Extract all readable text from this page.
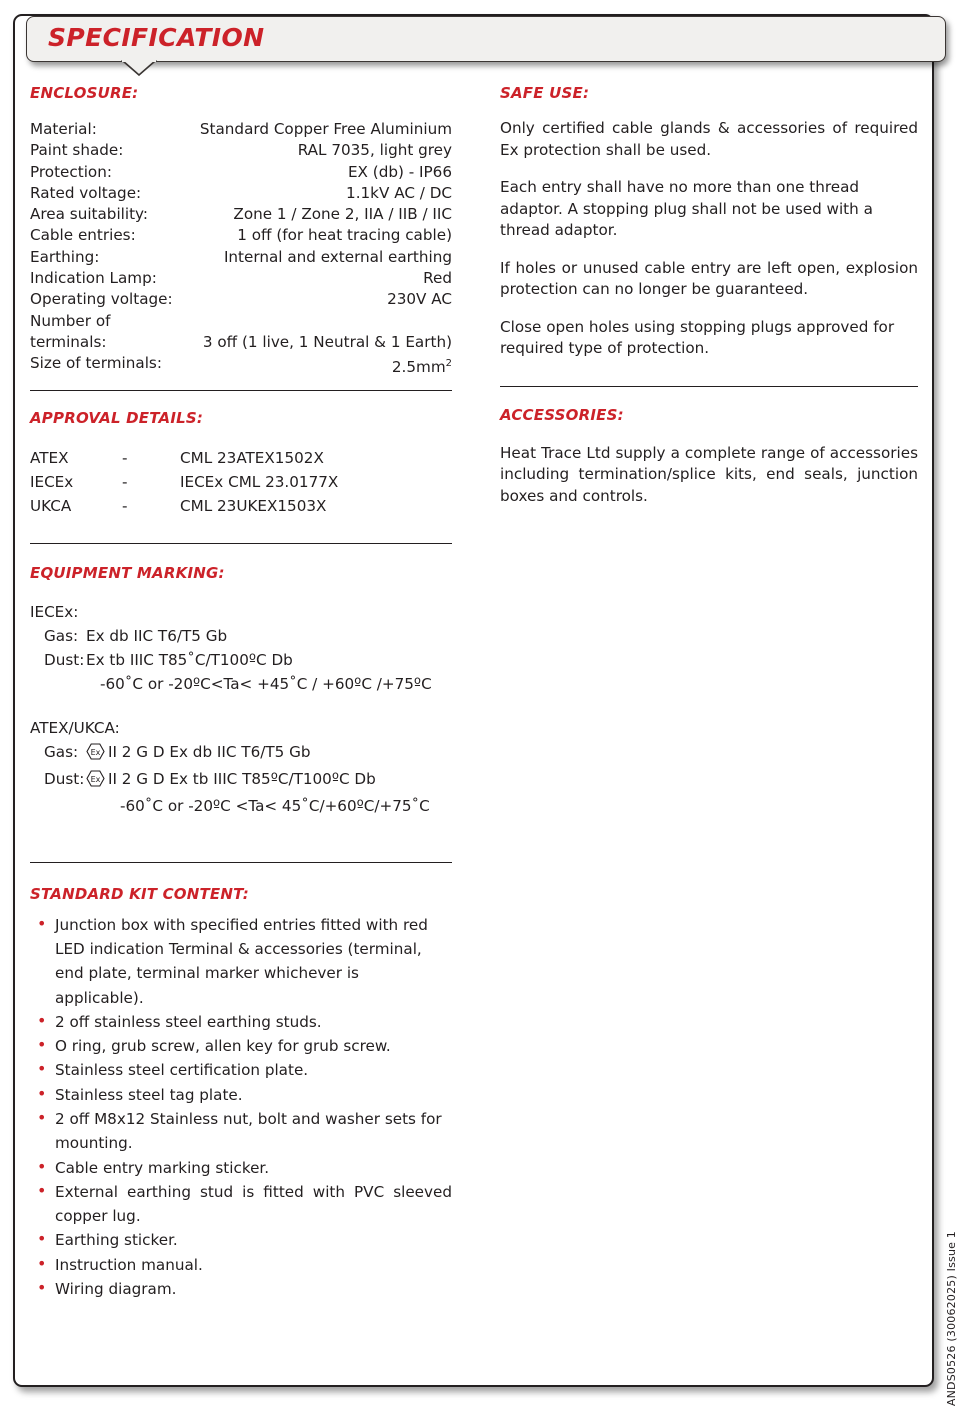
SPECIFICATION

ENCLOSURE:

Material:	Standard Copper Free Aluminium
Paint shade:	RAL 7035, light grey
Protection:	EX (db) - IP66
Rated voltage:	1.1kV AC / DC
Area suitability:	Zone 1 / Zone 2, IIA / IIB / IIC
Cable entries:	1 off (for heat tracing cable)
Earthing:	Internal and external earthing
Indication Lamp:	Red
Operating voltage:	230V AC
Number of	
terminals:	3 off (1 live, 1 Neutral & 1 Earth)
Size of terminals:	$2.5mm^2$

APPROVAL DETAILS:

ATEX	-	CML 23ATEX1502X
IECEx	-	IECEx CML 23.0177X
UKCA	-	CML 23UKEX1503X

EQUIPMENT MARKING:

IECEx:
Gas: Ex db IIC T6/T5 Gb
Dust: Ex tb IIIC T85˚C/T100ºC Db
-60˚C or -20ºC<Ta< +45˚C / +60ºC /+75ºC
ATEX/UKCA:
Gas: Ex II 2 G D Ex db IIC T6/T5 Gb
Dust: Ex II 2 G D Ex tb IIIC T85ºC/T100ºC Db
-60˚C or -20ºC <Ta< 45˚C/+60ºC/+75˚C

STANDARD KIT CONTENT:

• Junction box with specified entries fitted with red LED indication Terminal & accessories (terminal, end plate, terminal marker whichever is applicable).
• 2 off stainless steel earthing studs.
• O ring, grub screw, allen key for grub screw.
• Stainless steel certification plate.
• Stainless steel tag plate.
• 2 off M8x12 Stainless nut, bolt and washer sets for mounting.
• Cable entry marking sticker.
• External earthing stud is fitted with PVC sleeved copper lug.
• Earthing sticker.
• Instruction manual.
• Wiring diagram.

SAFE USE:

Only certified cable glands & accessories of required Ex protection shall be used.

Each entry shall have no more than one thread adaptor. A stopping plug shall not be used with a thread adaptor.

If holes or unused cable entry are left open, explosion protection can no longer be guaranteed.

Close open holes using stopping plugs approved for required type of protection.

ACCESSORIES:

Heat Trace Ltd supply a complete range of accessories including termination/splice kits, end seals, junction boxes and controls.

ANDS0526 (30062025) Issue 1
